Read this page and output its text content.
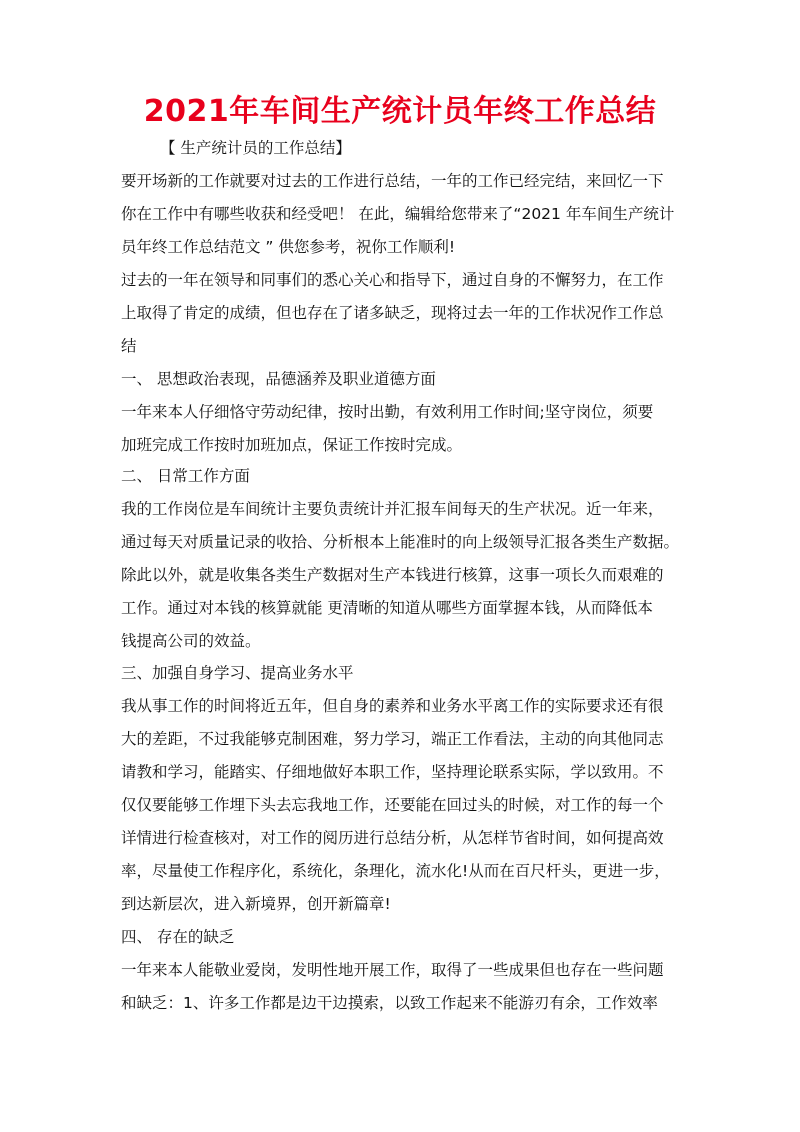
2021年车间生产统计员年终工作总结
【 生产统计员的工作总结】
要开场新的工作就要对过去的工作进行总结，一年的工作已经完结，来回忆一下
你在工作中有哪些收获和经受吧！ 在此，编辑给您带来了“2021 年车间生产统计
员年终工作总结范文 ” 供您参考，祝你工作顺利!
过去的一年在领导和同事们的悉心关心和指导下，通过自身的不懈努力，在工作
上取得了肯定的成绩，但也存在了诸多缺乏，现将过去一年的工作状况作工作总
结
一、 思想政治表现，品德涵养及职业道德方面
一年来本人仔细恪守劳动纪律，按时出勤，有效利用工作时间;坚守岗位，须要
加班完成工作按时加班加点，保证工作按时完成。
二、 日常工作方面
我的工作岗位是车间统计主要负责统计并汇报车间每天的生产状况。近一年来，
通过每天对质量记录的收拾、分析根本上能准时的向上级领导汇报各类生产数据。
除此以外，就是收集各类生产数据对生产本钱进行核算，这事一项长久而艰难的
工作。通过对本钱的核算就能 更清晰的知道从哪些方面掌握本钱，从而降低本
钱提高公司的效益。
三、加强自身学习、提高业务水平
我从事工作的时间将近五年，但自身的素养和业务水平离工作的实际要求还有很
大的差距，不过我能够克制困难，努力学习，端正工作看法，主动的向其他同志
请教和学习，能踏实、仔细地做好本职工作，坚持理论联系实际，学以致用。不
仅仅要能够工作埋下头去忘我地工作，还要能在回过头的时候，对工作的每一个
详情进行检查核对，对工作的阅历进行总结分析，从怎样节省时间，如何提高效
率，尽量使工作程序化，系统化，条理化，流水化!从而在百尺杆头，更进一步，
到达新层次，进入新境界，创开新篇章!
四、 存在的缺乏
一年来本人能敬业爱岗，发明性地开展工作，取得了一些成果但也存在一些问题
和缺乏：1、许多工作都是边干边摸索，以致工作起来不能游刃有余，工作效率
